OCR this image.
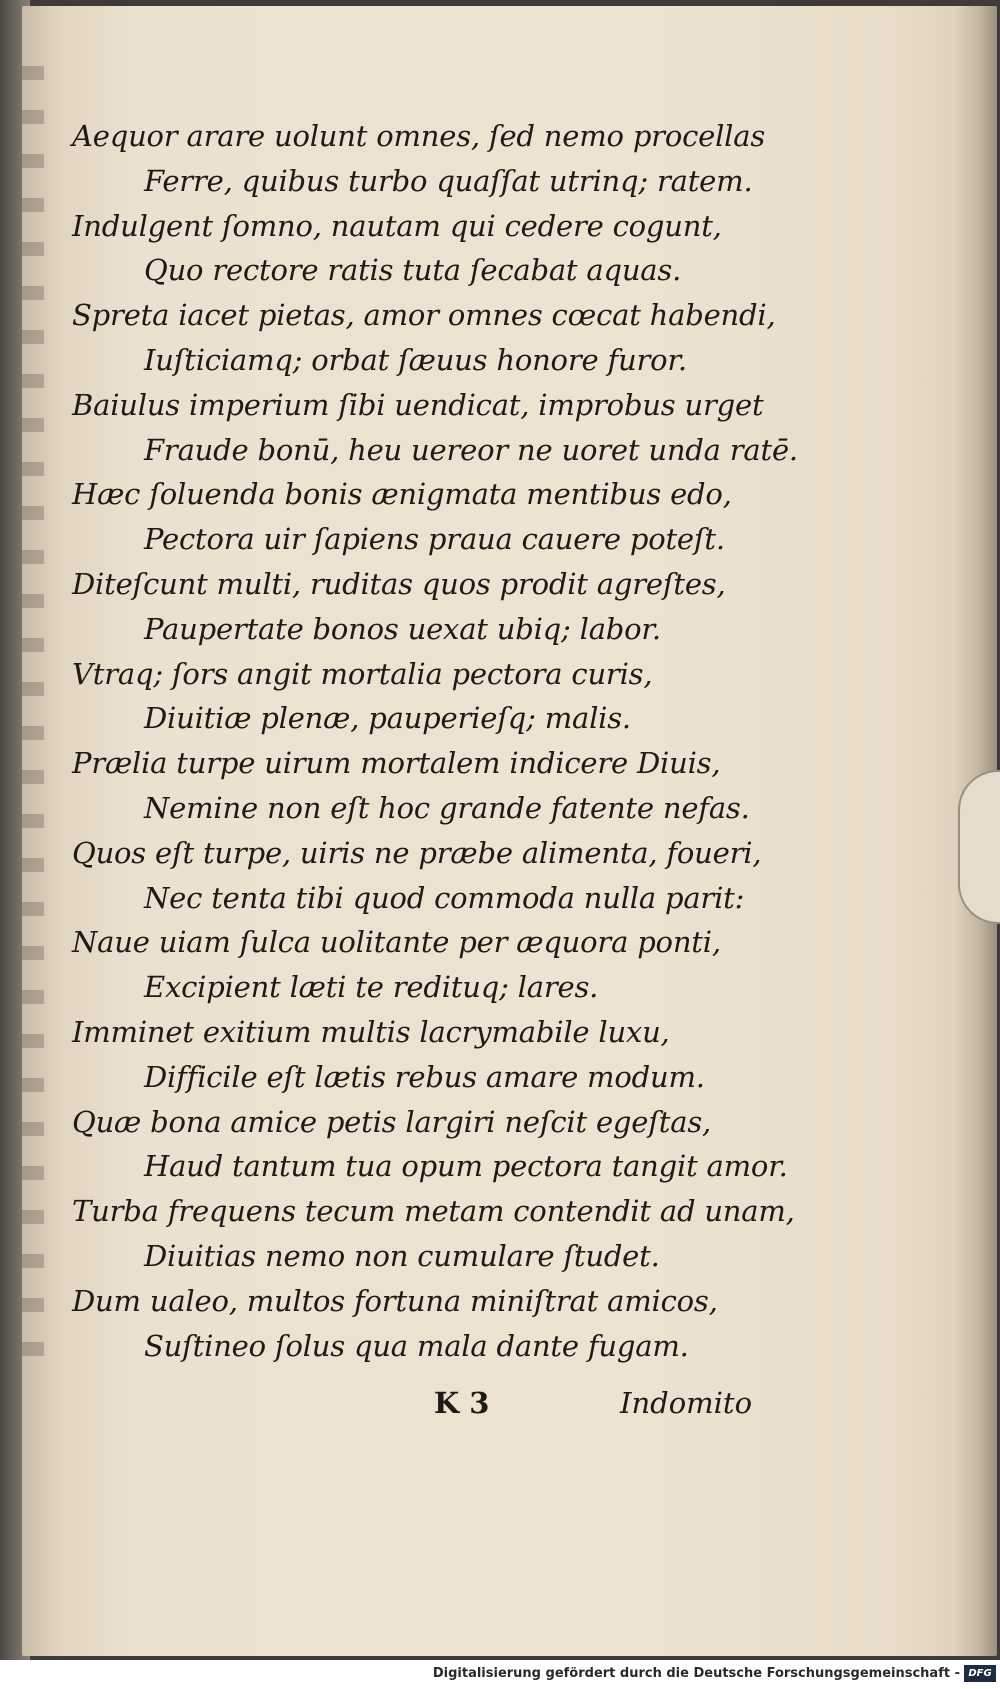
Aequor arare uolunt omnes, ſed nemo procellas
Ferre, quibus turbo quaſſat utrinq; ratem.
Indulgent ſomno, nautam qui cedere cogunt,
Quo rectore ratis tuta ſecabat aquas.
Spreta iacet pietas, amor omnes cœcat habendi,
Iuſticiamq; orbat ſæuus honore furor.
Baiulus imperium ſibi uendicat, improbus urget
Fraude bonū, heu uereor ne uoret unda ratē.
Hæc ſoluenda bonis ænigmata mentibus edo,
Pectora uir ſapiens praua cauere poteſt.
Diteſcunt multi, ruditas quos prodit agreſtes,
Paupertate bonos uexat ubiq; labor.
Vtraq; ſors angit mortalia pectora curis,
Diuitiæ plenæ, pauperieſq; malis.
Prælia turpe uirum mortalem indicere Diuis,
Nemine non eſt hoc grande fatente nefas.
Quos eſt turpe, uiris ne præbe alimenta, foueri,
Nec tenta tibi quod commoda nulla parit:
Naue uiam ſulca uolitante per æquora ponti,
Excipient læti te redituq; lares.
Imminet exitium multis lacrymabile luxu,
Difficile eſt lætis rebus amare modum.
Quæ bona amice petis largiri neſcit egeſtas,
Haud tantum tua opum pectora tangit amor.
Turba frequens tecum metam contendit ad unam,
Diuitias nemo non cumulare ſtudet.
Dum ualeo, multos fortuna miniſtrat amicos,
Suſtineo ſolus qua mala dante fugam.
K 3	Indomito
Digitalisierung gefördert durch die Deutsche Forschungsgemeinschaft - DFG
